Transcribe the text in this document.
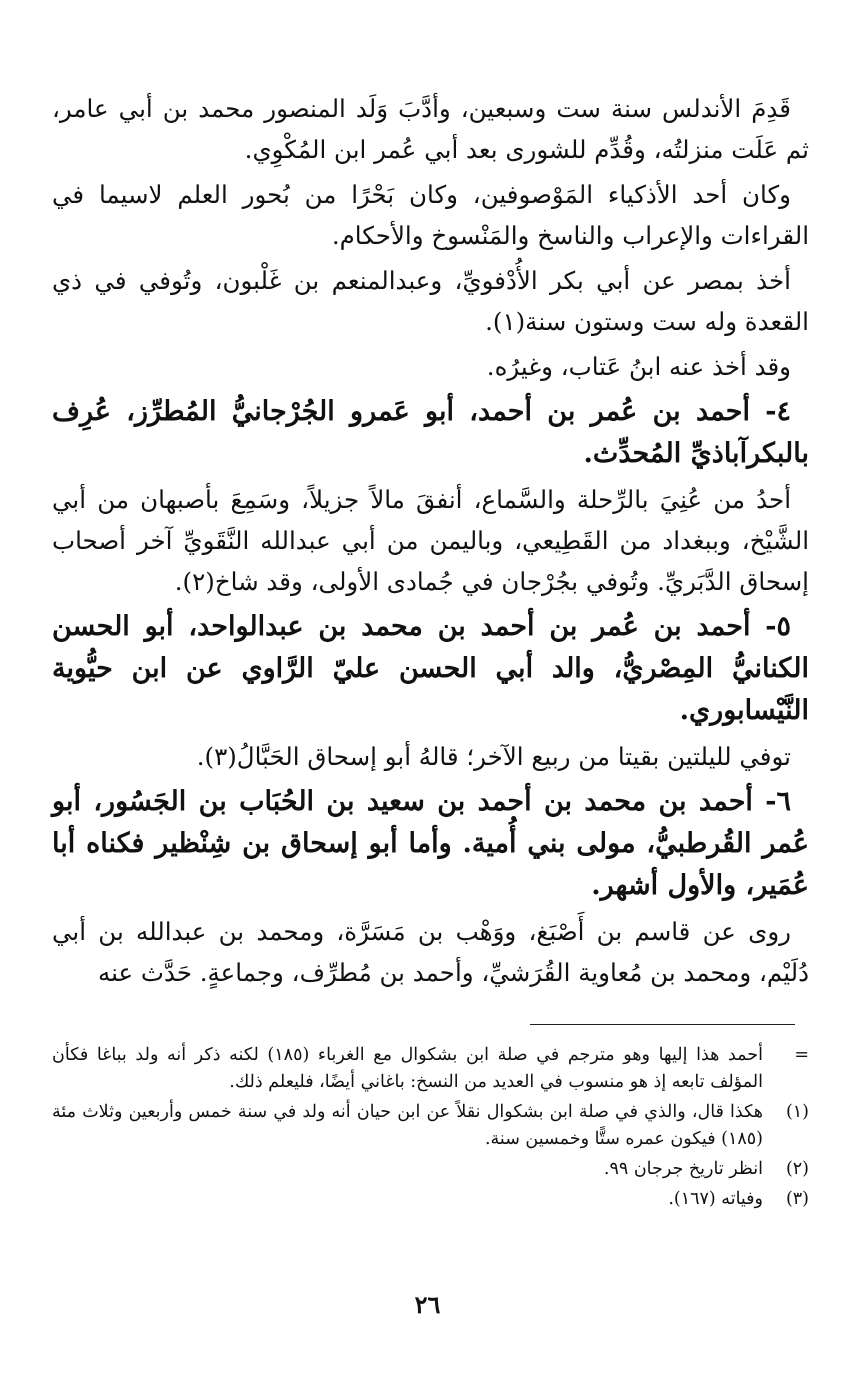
قَدِمَ الأندلس سنة ست وسبعين، وأدَّبَ وَلَد المنصور محمد بن أبي عامر، ثم عَلَت منزلتُه، وقُدِّم للشورى بعد أبي عُمر ابن المُكْوِي.

وكان أحد الأذكياء المَوْصوفين، وكان بَحْرًا من بُحور العلم لاسيما في القراءات والإعراب والناسخ والمَنْسوخ والأحكام.

أخذ بمصر عن أبي بكر الأُدْفويِّ، وعبدالمنعم بن غَلْبون، وتُوفي في ذي القعدة وله ست وستون سنة(١).

وقد أخذ عنه ابنُ عَتاب، وغيرُه.

٤- أحمد بن عُمر بن أحمد، أبو عَمرو الجُرْجانيُّ المُطرِّز، عُرِف بالبكرآباذيِّ المُحدِّث.

أحدُ من عُنِيَ بالرِّحلة والسَّماع، أنفقَ مالاً جزيلاً، وسَمِعَ بأصبهان من أبي الشَّيْخ، وببغداد من القَطِيعي، وباليمن من أبي عبدالله النَّقَويِّ آخر أصحاب إسحاق الدَّبَريِّ. وتُوفي بجُرْجان في جُمادى الأولى، وقد شاخ(٢).

٥- أحمد بن عُمر بن أحمد بن محمد بن عبدالواحد، أبو الحسن الكنانيُّ المِصْريُّ، والد أبي الحسن عليّ الرَّاوي عن ابن حيُّوية النَّيْسابوري.

توفي لليلتين بقيتا من ربيع الآخر؛ قالهُ أبو إسحاق الحَبَّالُ(٣).

٦- أحمد بن محمد بن أحمد بن سعيد بن الحُبَاب بن الجَسُور، أبو عُمر القُرطبيُّ، مولى بني أُمية. وأما أبو إسحاق بن شِنْظير فكناه أبا عُمَير، والأول أشهر.

روى عن قاسم بن أَصْبَغ، ووَهْب بن مَسَرَّة، ومحمد بن عبدالله بن أبي دُلَيْم، ومحمد بن مُعاوية القُرَشيِّ، وأحمد بن مُطرِّف، وجماعةٍ. حَدَّث عنه

=
أحمد هذا إليها وهو مترجم في صلة ابن بشكوال مع الغرباء (١٨٥) لكنه ذكر أنه ولد بباغا فكأن المؤلف تابعه إذ هو منسوب في العديد من النسخ: باغاني أيضًا، فليعلم ذلك.
(١)
هكذا قال، والذي في صلة ابن بشكوال نقلاً عن ابن حيان أنه ولد في سنة خمس وأربعين وثلاث مئة (١٨٥) فيكون عمره ستًّا وخمسين سنة.
(٢)
انظر تاريخ جرجان ٩٩.
(٣)
وفياته (١٦٧).
٢٦
